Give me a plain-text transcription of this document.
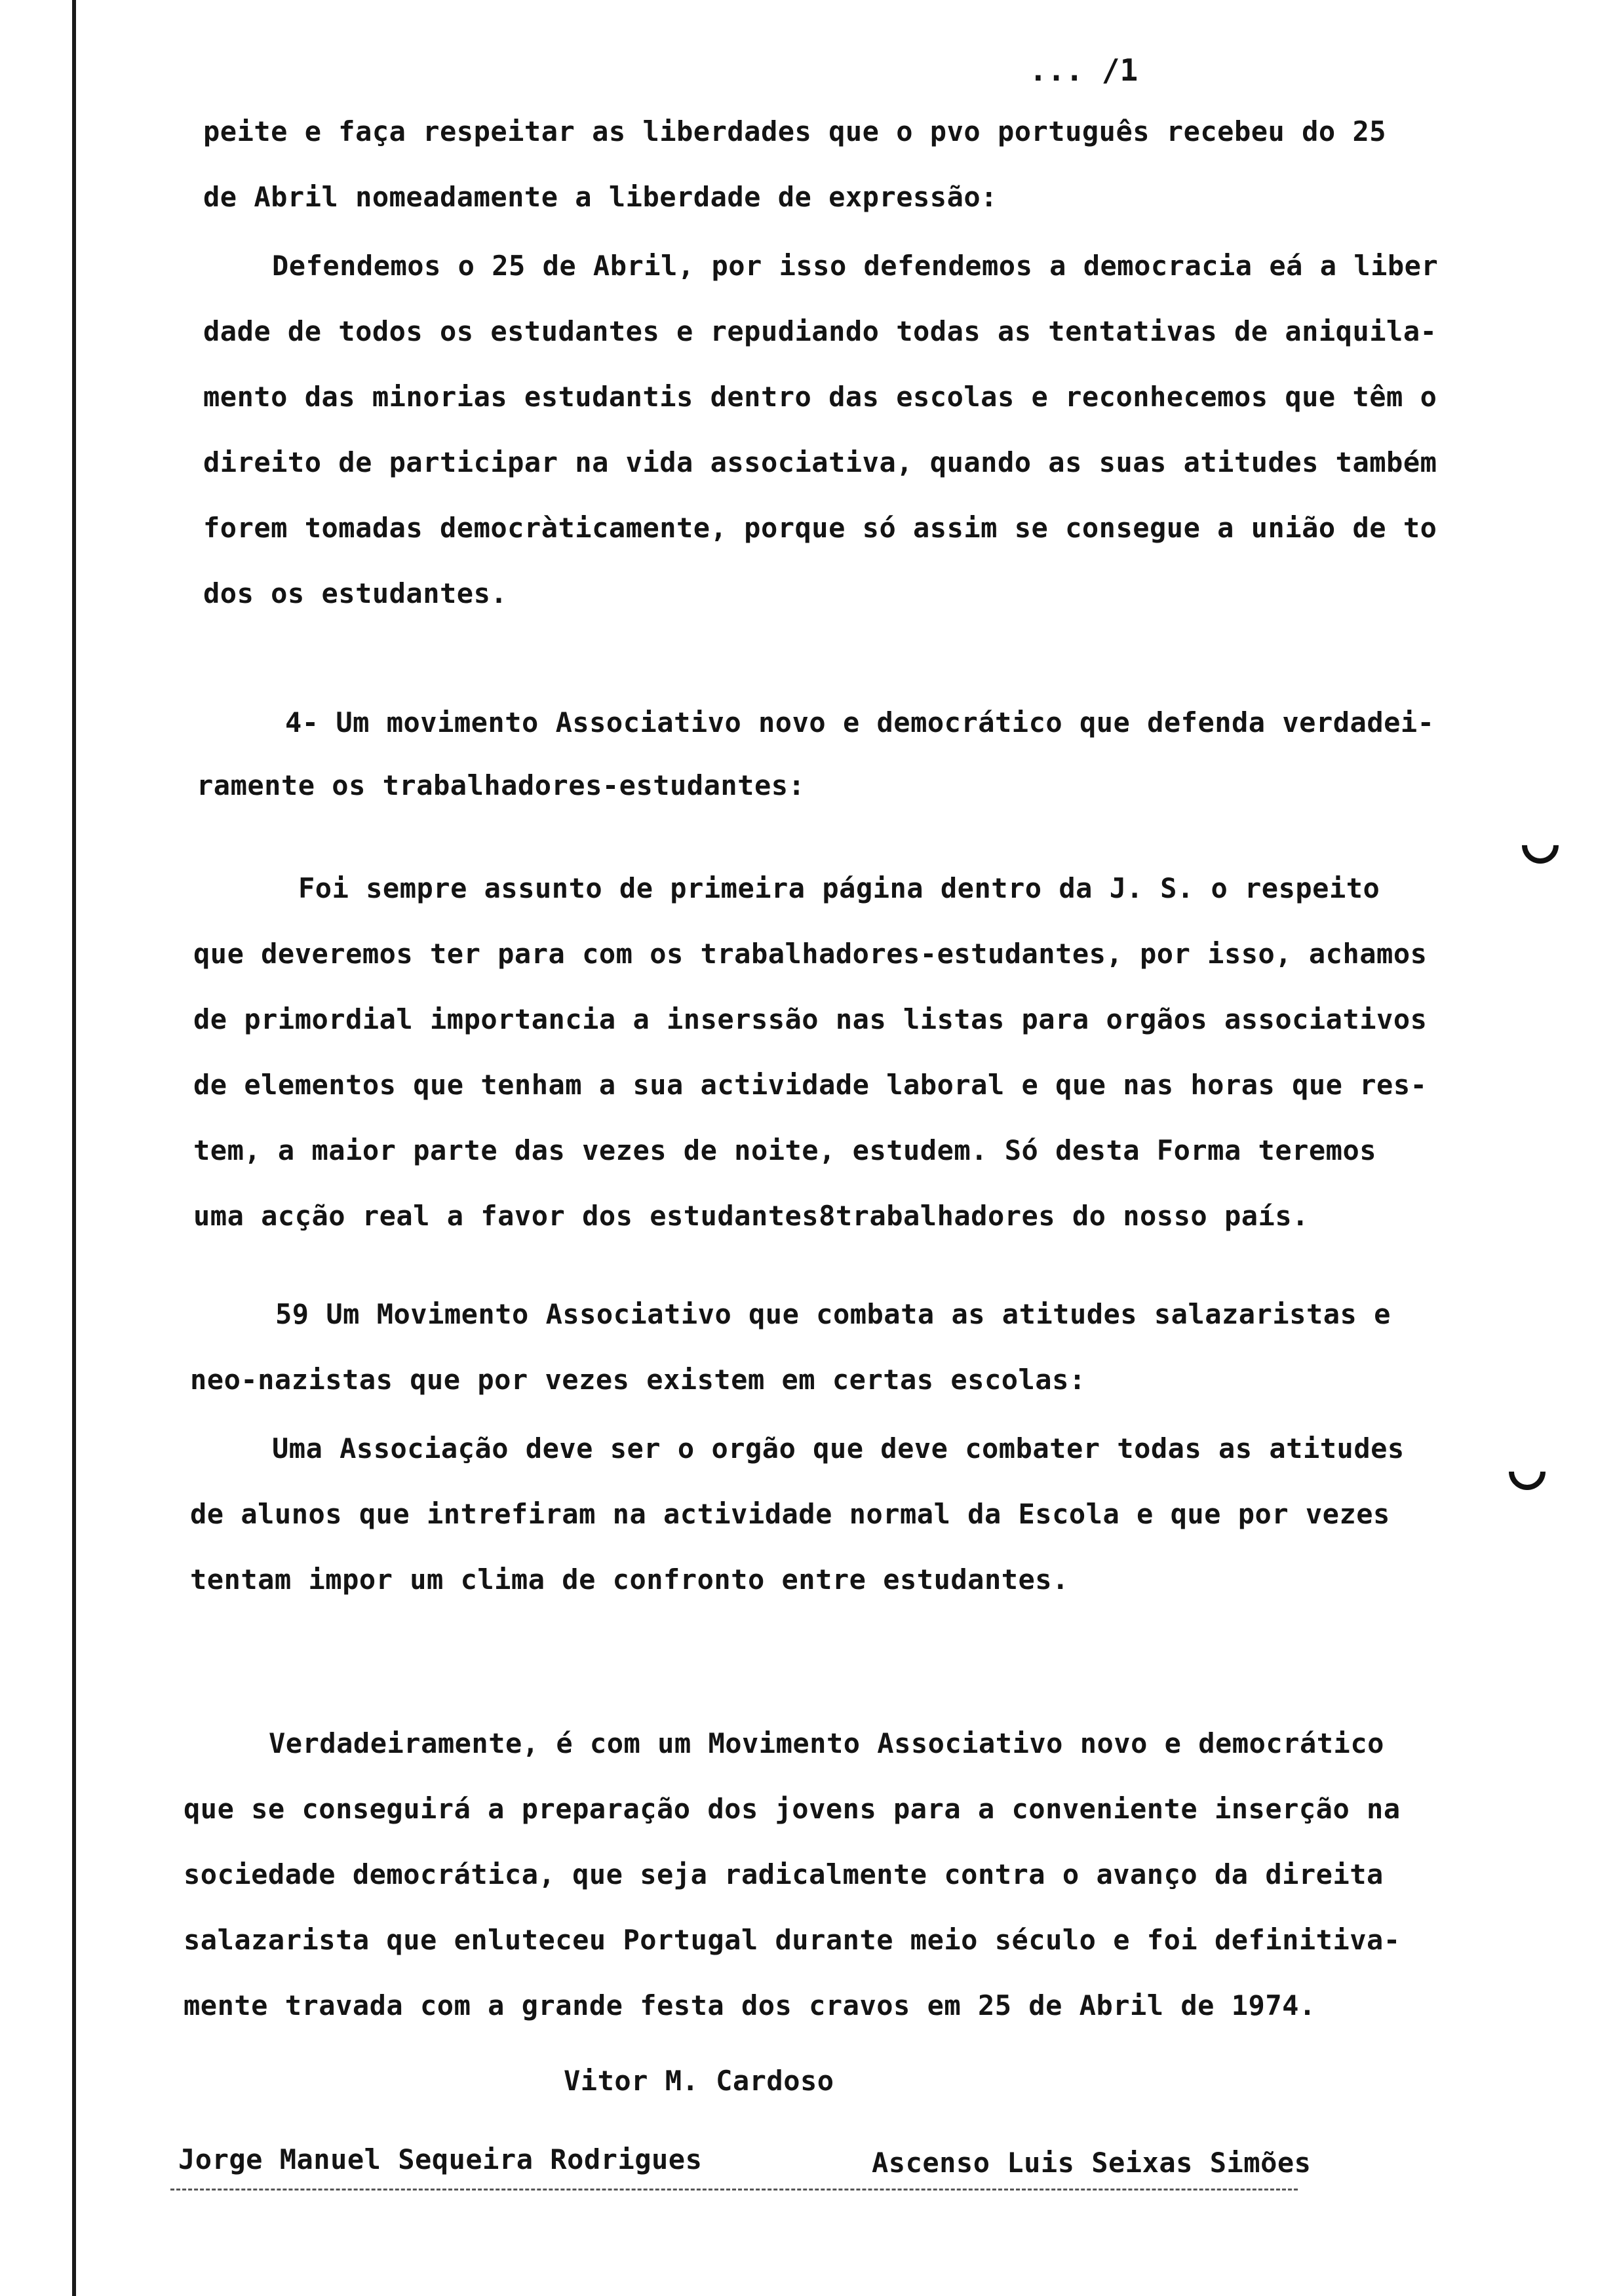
... /1
peite e faça respeitar as liberdades que o pvo português recebeu do 25
de Abril nomeadamente a liberdade de expressão:
Defendemos o 25 de Abril, por isso defendemos a democracia eá a liber
dade de todos os estudantes e repudiando todas as tentativas de aniquila-
mento das minorias estudantis dentro das escolas e reconhecemos que têm o
direito de participar na vida associativa, quando as suas atitudes também
forem tomadas democràticamente, porque só assim se consegue a união de to
dos os estudantes.
4- Um movimento Associativo novo e democrático que defenda verdadei-
ramente os trabalhadores-estudantes:
Foi sempre assunto de primeira página dentro da J. S. o respeito
que deveremos ter para com os trabalhadores-estudantes, por isso, achamos
de primordial importancia a inserssão nas listas para orgãos associativos
de elementos que tenham a sua actividade laboral e que nas horas que res-
tem, a maior parte das vezes de noite, estudem. Só desta Forma teremos
uma acção real a favor dos estudantes8trabalhadores do nosso país.
59 Um Movimento Associativo que combata as atitudes salazaristas e
neo-nazistas que por vezes existem em certas escolas:
Uma Associação deve ser o orgão que deve combater todas as atitudes
de alunos que intrefiram na actividade normal da Escola e que por vezes
tentam impor um clima de confronto entre estudantes.
Verdadeiramente, é com um Movimento Associativo novo e democrático
que se conseguirá a preparação dos jovens para a conveniente inserção na
sociedade democrática, que seja radicalmente contra o avanço da direita
salazarista que enluteceu Portugal durante meio século e foi definitiva-
mente travada com a grande festa dos cravos em 25 de Abril de 1974.
Vitor M. Cardoso
Jorge Manuel Sequeira Rodrigues	Ascenso Luis Seixas Simões
